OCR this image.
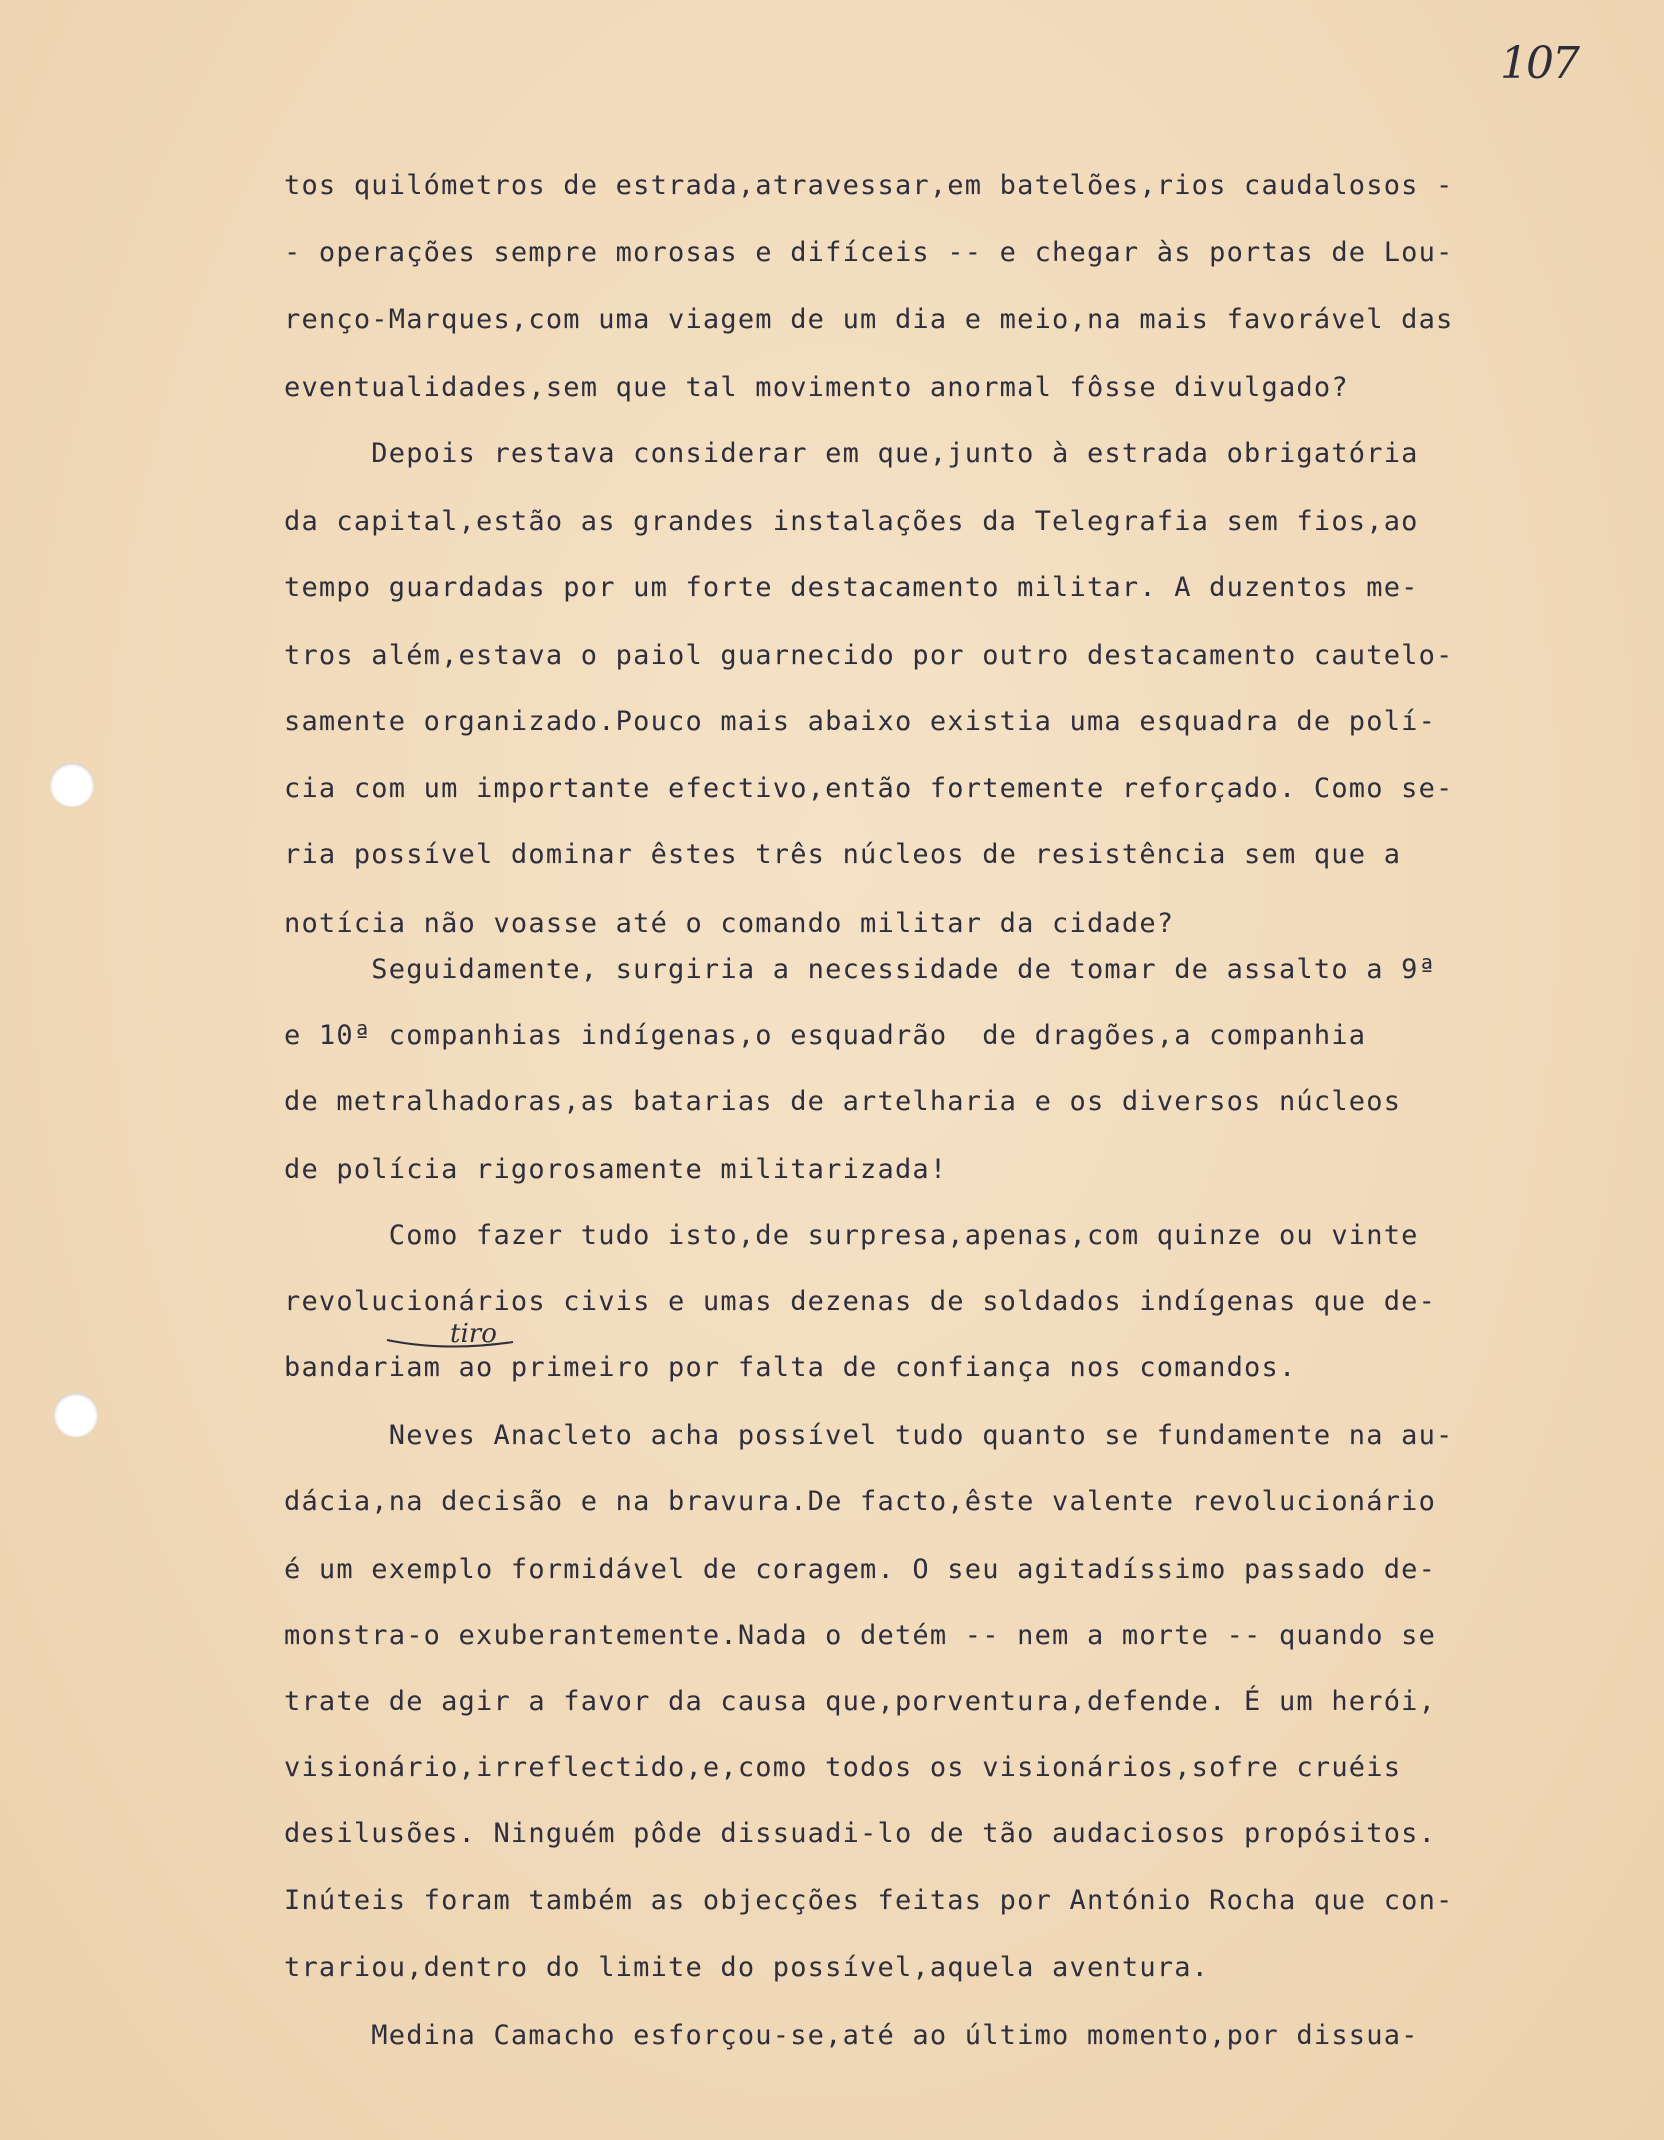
107
tos quilómetros de estrada,atravessar,em batelões,rios caudalosos -
- operações sempre morosas e difíceis -- e chegar às portas de Lou-
renço-Marques,com uma viagem de um dia e meio,na mais favorável das
eventualidades,sem que tal movimento anormal fôsse divulgado?
Depois restava considerar em que,junto à estrada obrigatória
da capital,estão as grandes instalações da Telegrafia sem fios,ao
tempo guardadas por um forte destacamento militar. A duzentos me-
tros além,estava o paiol guarnecido por outro destacamento cautelo-
samente organizado.Pouco mais abaixo existia uma esquadra de polí-
cia com um importante efectivo,então fortemente reforçado. Como se-
ria possível dominar êstes três núcleos de resistência sem que a
notícia não voasse até o comando militar da cidade?
Seguidamente, surgiria a necessidade de tomar de assalto a 9ª
e 10ª companhias indígenas,o esquadrão  de dragões,a companhia
de metralhadoras,as batarias de artelharia e os diversos núcleos
de polícia rigorosamente militarizada!
Como fazer tudo isto,de surpresa,apenas,com quinze ou vinte
revolucionários civis e umas dezenas de soldados indígenas que de-
bandariam ao primeiro por falta de confiança nos comandos.
Neves Anacleto acha possível tudo quanto se fundamente na au-
dácia,na decisão e na bravura.De facto,êste valente revolucionário
é um exemplo formidável de coragem. O seu agitadíssimo passado de-
monstra-o exuberantemente.Nada o detém -- nem a morte -- quando se
trate de agir a favor da causa que,porventura,defende. É um herói,
visionário,irreflectido,e,como todos os visionários,sofre cruéis
desilusões. Ninguém pôde dissuadi-lo de tão audaciosos propósitos.
Inúteis foram também as objecções feitas por António Rocha que con-
trariou,dentro do limite do possível,aquela aventura.
Medina Camacho esforçou-se,até ao último momento,por dissua-
tiro
